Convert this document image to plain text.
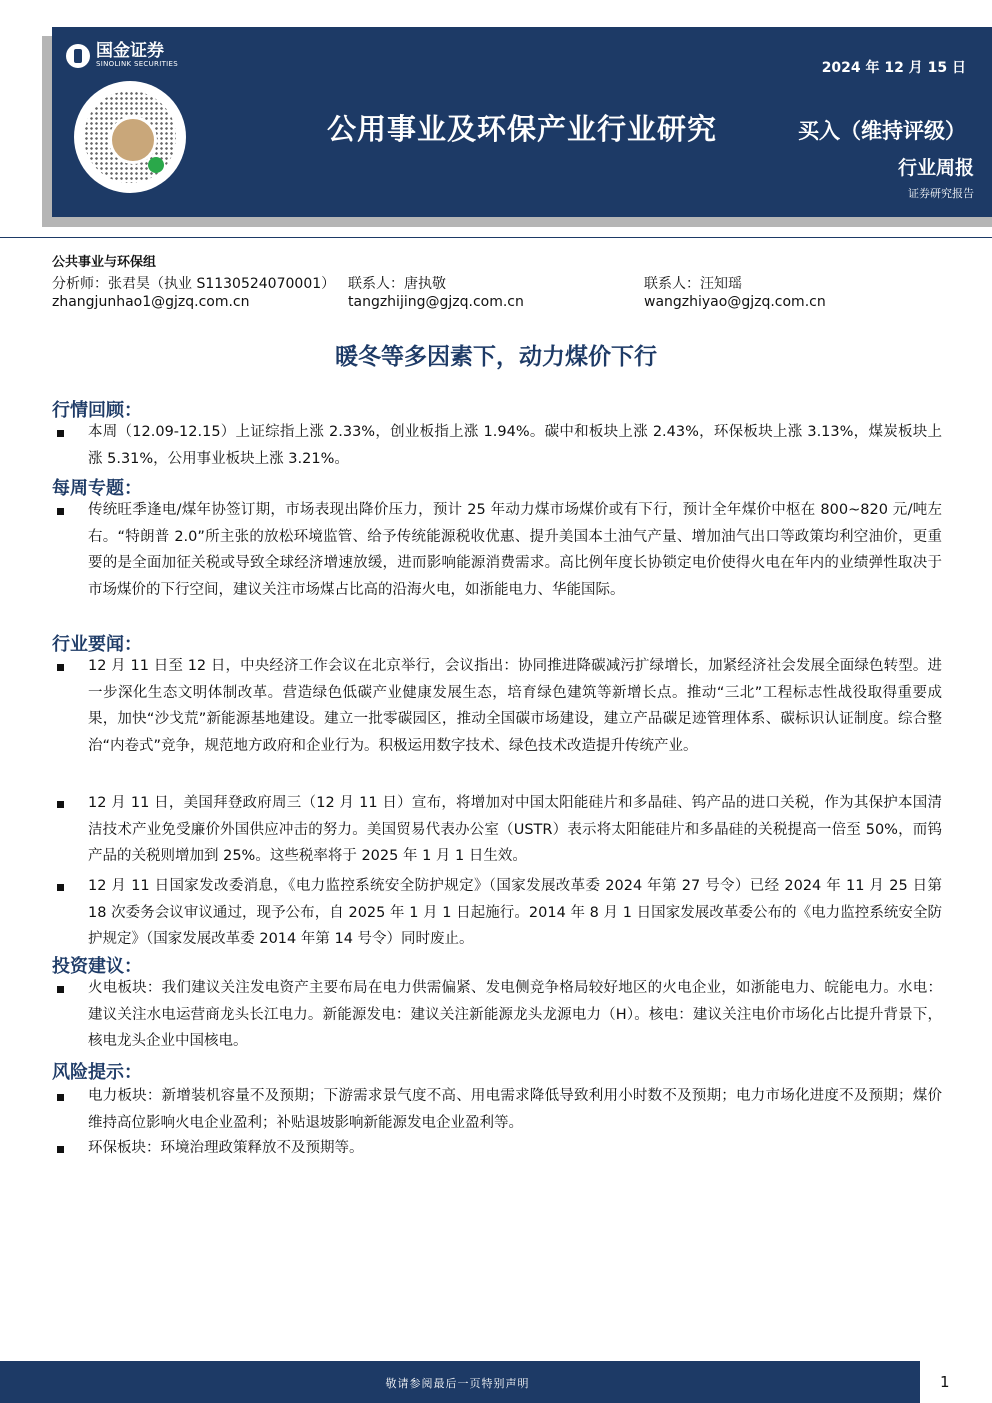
国金证券
SINOLINK SECURITIES	2024 年 12 月 15 日
公用事业及环保产业行业研究	买入（维持评级）
行业周报
证券研究报告
公共事业与环保组
分析师：张君昊（执业 S1130524070001）
zhangjunhao1@gjzq.com.cn
联系人：唐执敬
tangzhijing@gjzq.com.cn
联系人：汪知瑶
wangzhiyao@gjzq.com.cn
暖冬等多因素下，动力煤价下行
行情回顾：
本周（12.09-12.15）上证综指上涨 2.33%，创业板指上涨 1.94%。碳中和板块上涨 2.43%，环保板块上涨 3.13%，煤炭板块上涨 5.31%，公用事业板块上涨 3.21%。
每周专题：
传统旺季逢电/煤年协签订期，市场表现出降价压力，预计 25 年动力煤市场煤价或有下行，预计全年煤价中枢在 800~820 元/吨左右。“特朗普 2.0”所主张的放松环境监管、给予传统能源税收优惠、提升美国本土油气产量、增加油气出口等政策均利空油价，更重要的是全面加征关税或导致全球经济增速放缓，进而影响能源消费需求。高比例年度长协锁定电价使得火电在年内的业绩弹性取决于市场煤价的下行空间，建议关注市场煤占比高的沿海火电，如浙能电力、华能国际。
行业要闻：
12 月 11 日至 12 日，中央经济工作会议在北京举行，会议指出：协同推进降碳减污扩绿增长，加紧经济社会发展全面绿色转型。进一步深化生态文明体制改革。营造绿色低碳产业健康发展生态，培育绿色建筑等新增长点。推动“三北”工程标志性战役取得重要成果，加快“沙戈荒”新能源基地建设。建立一批零碳园区，推动全国碳市场建设，建立产品碳足迹管理体系、碳标识认证制度。综合整治“内卷式”竞争，规范地方政府和企业行为。积极运用数字技术、绿色技术改造提升传统产业。
12 月 11 日，美国拜登政府周三（12 月 11 日）宣布，将增加对中国太阳能硅片和多晶硅、钨产品的进口关税，作为其保护本国清洁技术产业免受廉价外国供应冲击的努力。美国贸易代表办公室（USTR）表示将太阳能硅片和多晶硅的关税提高一倍至 50%，而钨产品的关税则增加到 25%。这些税率将于 2025 年 1 月 1 日生效。
12 月 11 日国家发改委消息，《电力监控系统安全防护规定》（国家发展改革委 2024 年第 27 号令）已经 2024 年 11 月 25 日第 18 次委务会议审议通过，现予公布，自 2025 年 1 月 1 日起施行。2014 年 8 月 1 日国家发展改革委公布的《电力监控系统安全防护规定》（国家发展改革委 2014 年第 14 号令）同时废止。
投资建议：
火电板块：我们建议关注发电资产主要布局在电力供需偏紧、发电侧竞争格局较好地区的火电企业，如浙能电力、皖能电力。水电：建议关注水电运营商龙头长江电力。新能源发电：建议关注新能源龙头龙源电力（H）。核电：建议关注电价市场化占比提升背景下，核电龙头企业中国核电。
风险提示：
电力板块：新增装机容量不及预期；下游需求景气度不高、用电需求降低导致利用小时数不及预期；电力市场化进度不及预期；煤价维持高位影响火电企业盈利；补贴退坡影响新能源发电企业盈利等。
环保板块：环境治理政策释放不及预期等。
敬请参阅最后一页特别声明	1
